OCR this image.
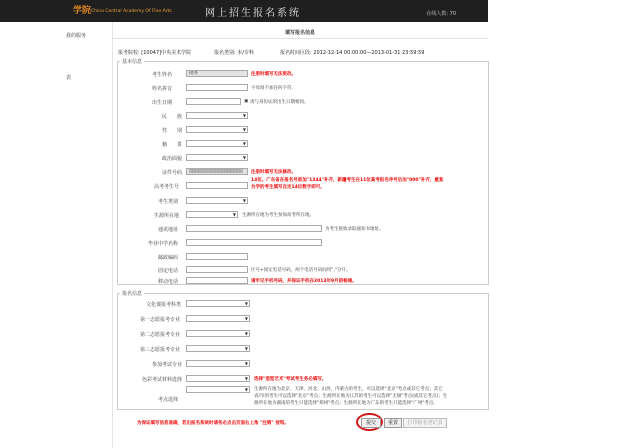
学院 China Central Academy Of Fine Arts	网上招生报名系统	在线人数: 70
我的服务
表
填写报名信息
报考院校: [10047]中央美术学院	报名类别: 本/专科	报名时间区段: 2012-12-14 00:00:00—2013-01-31 23:59:59
基本信息
考生姓名	招办	注册时填写无法更改。
姓名拼音	字母间不加任何字符.
出生日期	▣ 请与身份证的出生日期相同。
民　　族	▼
性　　别	▼
籍　　贯	▼
政治面貌	▼
证件号码	▒▒▒▒▒▒▒▒▒▒▒▒▒▒▒▒▒▒	注册时填写无法修改。
高考考生号
14位。广东省在报名号前加"1344"补齐，新疆考生在11位高考报名序号后加"000"补齐，重复台学的考生填写自定14位数字即可。
考生类别	▼
生源所在地	▼ 生源所在地为考生参加高考所在地。
通讯地址	为考生接收录取通知书地址。
毕业中学名称
邮政编码
固定电话	区号+固定电话号码，两个电话号码间用","分开。
移动电话	请牢记手机号码，并保证手机在2013年9月前畅通。
报名信息
文化课报考科类	▼
第一志愿报考专业	▼
第二志愿报考专业	▼
第三志愿报考专业	▼
参加考试专业	▼
色彩考试材料选择	▼ 选择"造型艺术"考试考生务必填写。
考点选择
▼ 生源所在地为北京、天津、河北、山西、内蒙古的考生，可以选择"北京"考点或其它考点；其它省/市的考生可以选择"北京"考点；生源所在地为江苏的考生可以选择"无锡"考点(或其它考点)；生源所在地为湖南的考生只能选择"郑州"考点；生源所在地为广东的考生只能选择"广州"考点。
为保证填写信息准确，若出报名系统时请务必点击页面右上角 "注销" 按钮。	提交	重置	打印报名登记表
